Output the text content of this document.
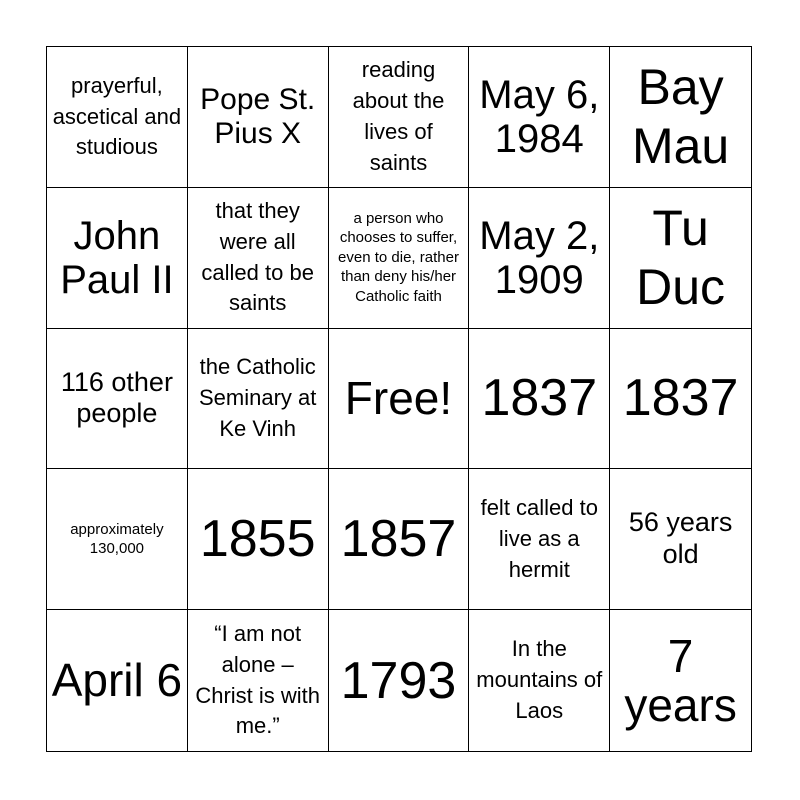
prayerful, ascetical and studious
Pope St. Pius X
reading about the lives of saints
May 6, 1984
Bay Mau
John Paul II
that they were all called to be saints
a person who chooses to suffer, even to die, rather than deny his/her Catholic faith
May 2, 1909
Tu Duc
116 other people
the Catholic Seminary at Ke Vinh
Free! 1837 1837
approximately 130,000	1855 1857
felt called to live as a hermit
56 years old
April 6
“I am not alone – Christ is with me.”
1793
In the mountains of Laos
7 years
